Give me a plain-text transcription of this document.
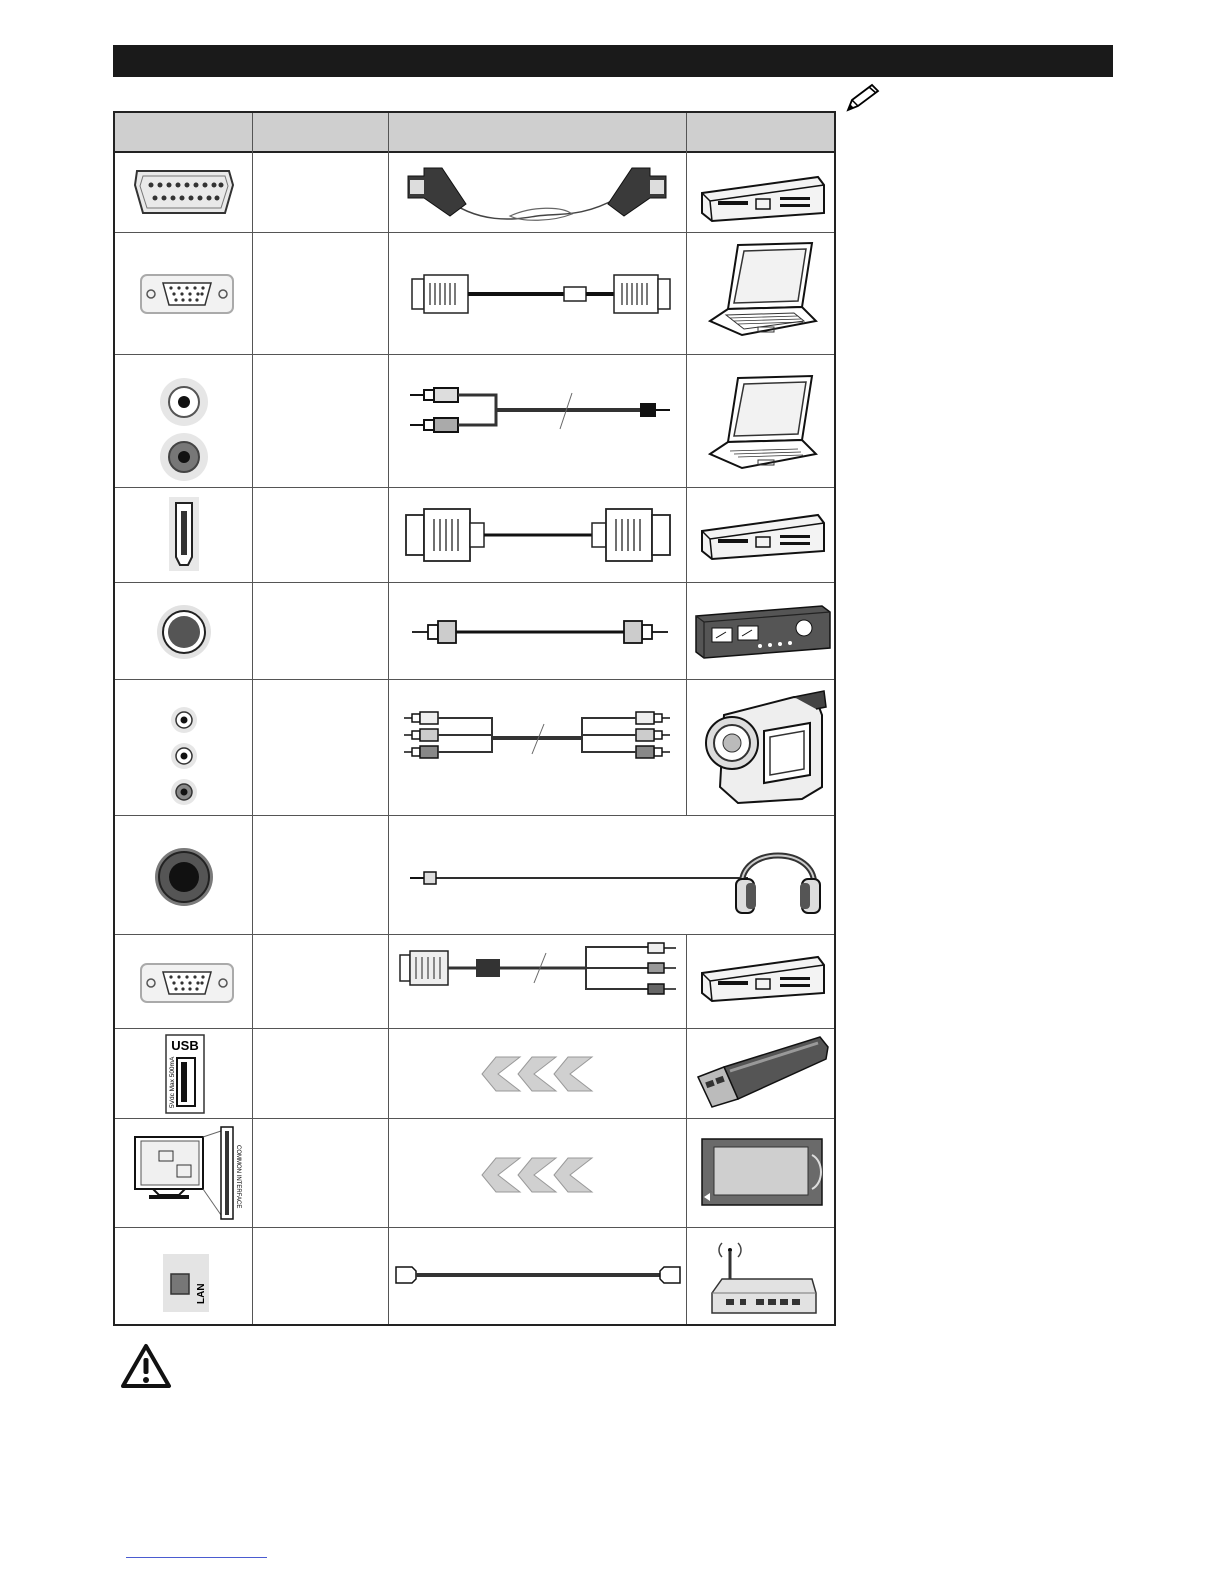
USB
5Vdc Max 500mA
COMMON INTERFACE
LAN
